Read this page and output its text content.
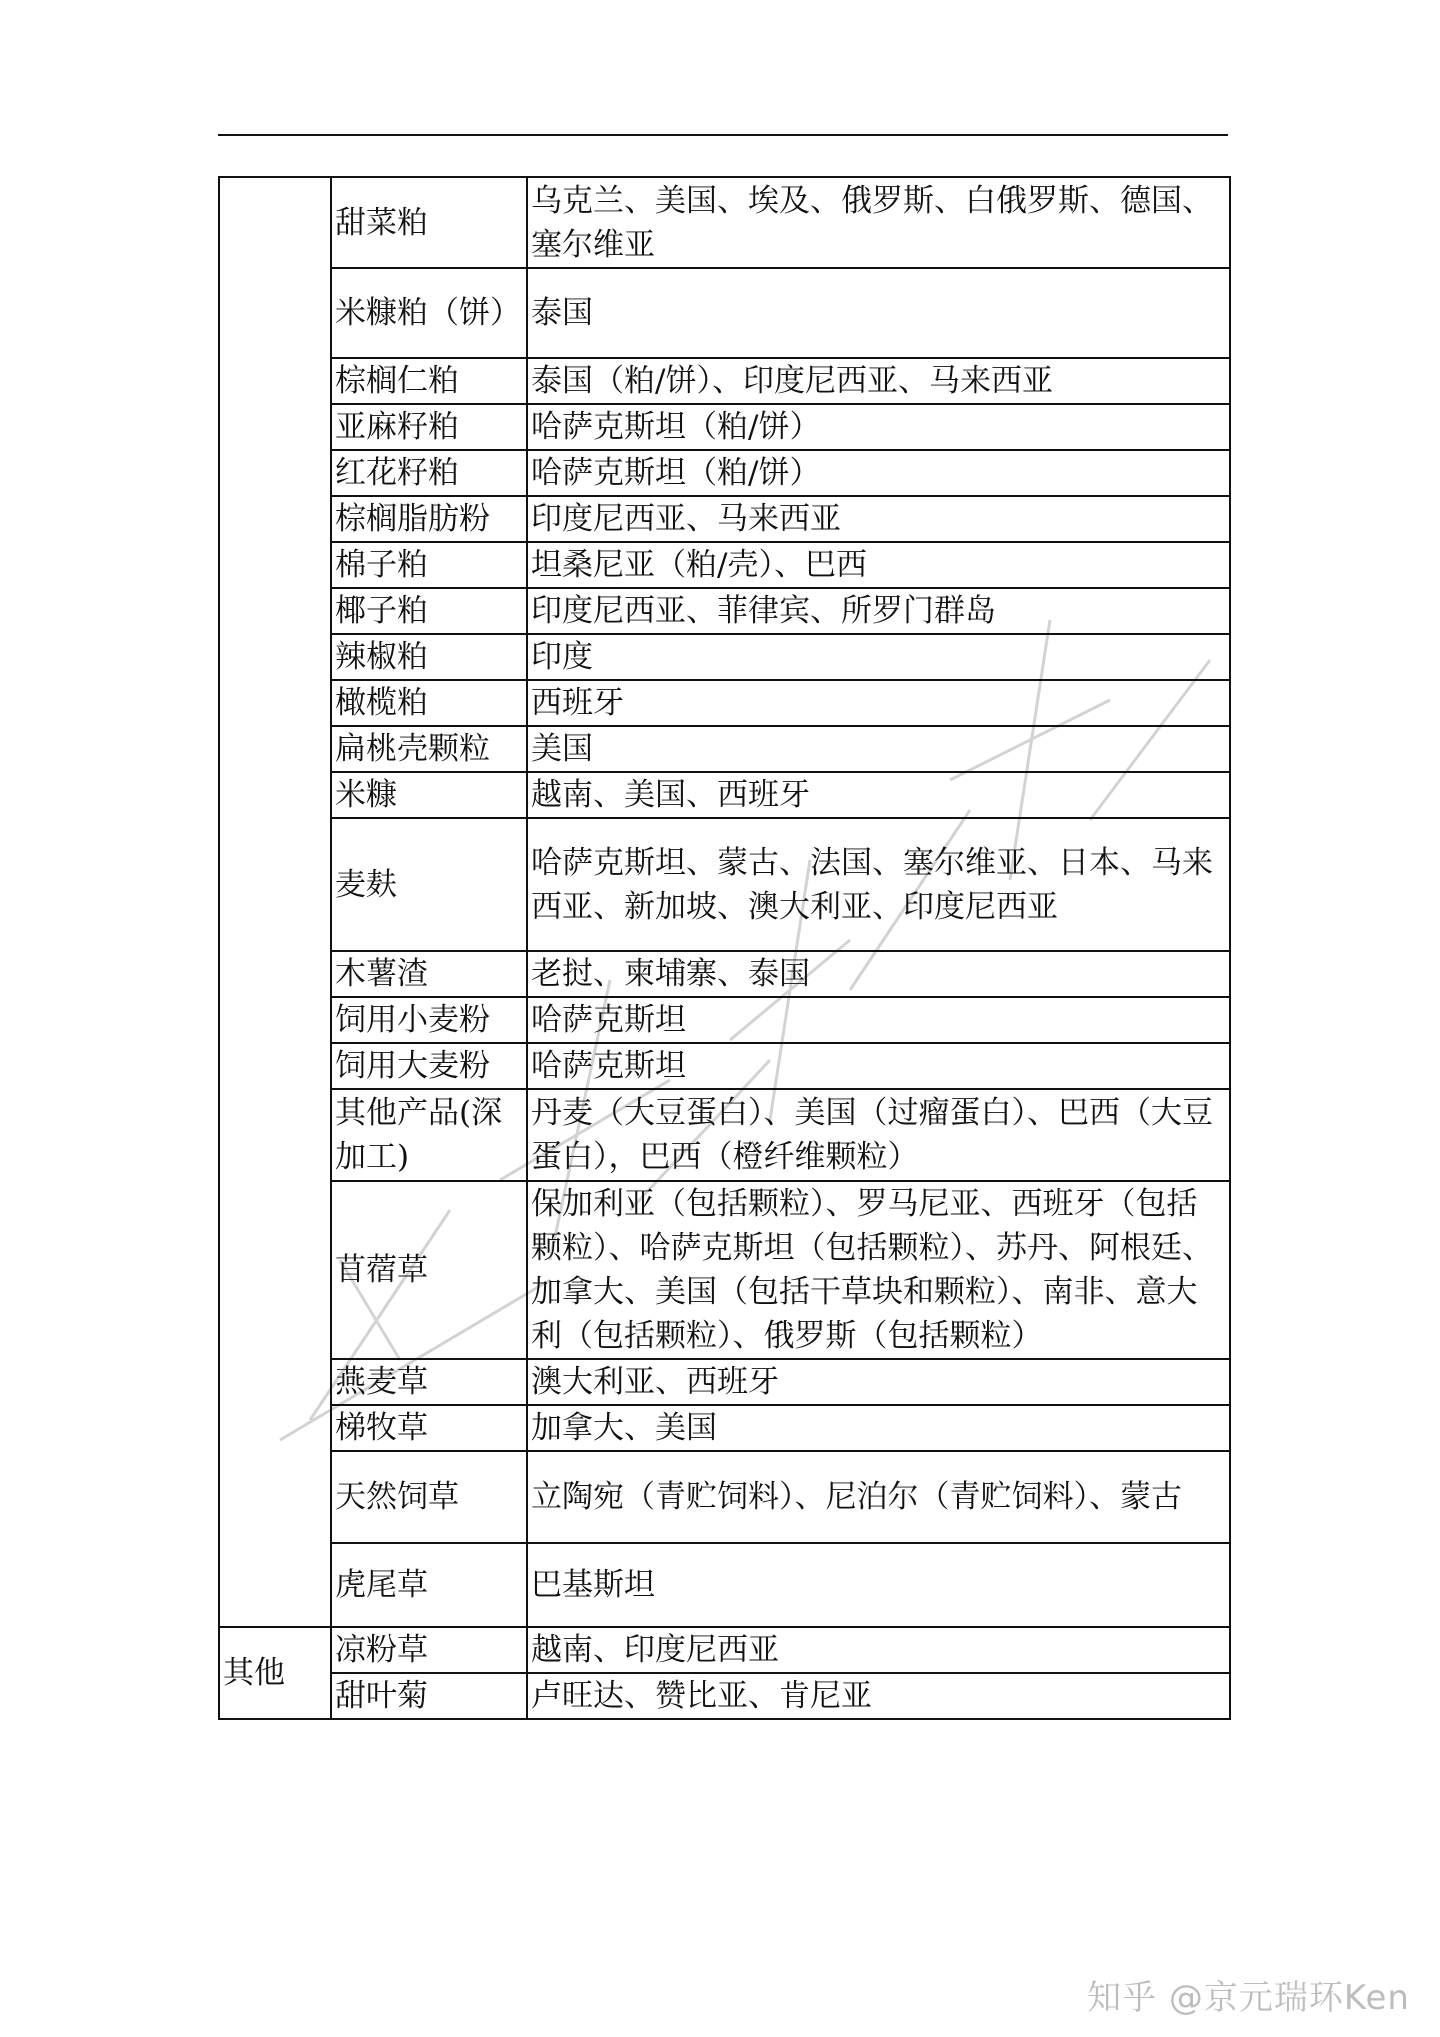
	甜菜粕	乌克兰、美国、埃及、俄罗斯、白俄罗斯、德国、塞尔维亚
	米糠粕（饼）	泰国
	棕榈仁粕	泰国（粕/饼）、印度尼西亚、马来西亚
	亚麻籽粕	哈萨克斯坦（粕/饼）
	红花籽粕	哈萨克斯坦（粕/饼）
	棕榈脂肪粉	印度尼西亚、马来西亚
	棉子粕	坦桑尼亚（粕/壳）、巴西
	椰子粕	印度尼西亚、菲律宾、所罗门群岛
	辣椒粕	印度
	橄榄粕	西班牙
	扁桃壳颗粒	美国
	米糠	越南、美国、西班牙
	麦麸	哈萨克斯坦、蒙古、法国、塞尔维亚、日本、马来西亚、新加坡、澳大利亚、印度尼西亚
	木薯渣	老挝、柬埔寨、泰国
	饲用小麦粉	哈萨克斯坦
	饲用大麦粉	哈萨克斯坦
	其他产品(深加工)	丹麦（大豆蛋白）、美国（过瘤蛋白）、巴西（大豆蛋白），巴西（橙纤维颗粒）
	苜蓿草	保加利亚（包括颗粒）、罗马尼亚、西班牙（包括颗粒）、哈萨克斯坦（包括颗粒）、苏丹、阿根廷、加拿大、美国（包括干草块和颗粒）、南非、意大利（包括颗粒）、俄罗斯（包括颗粒）
	燕麦草	澳大利亚、西班牙
	梯牧草	加拿大、美国
	天然饲草	立陶宛（青贮饲料）、尼泊尔（青贮饲料）、蒙古
	虎尾草	巴基斯坦
其他	凉粉草	越南、印度尼西亚
	甜叶菊	卢旺达、赞比亚、肯尼亚
知乎 @京元瑞环Ken
